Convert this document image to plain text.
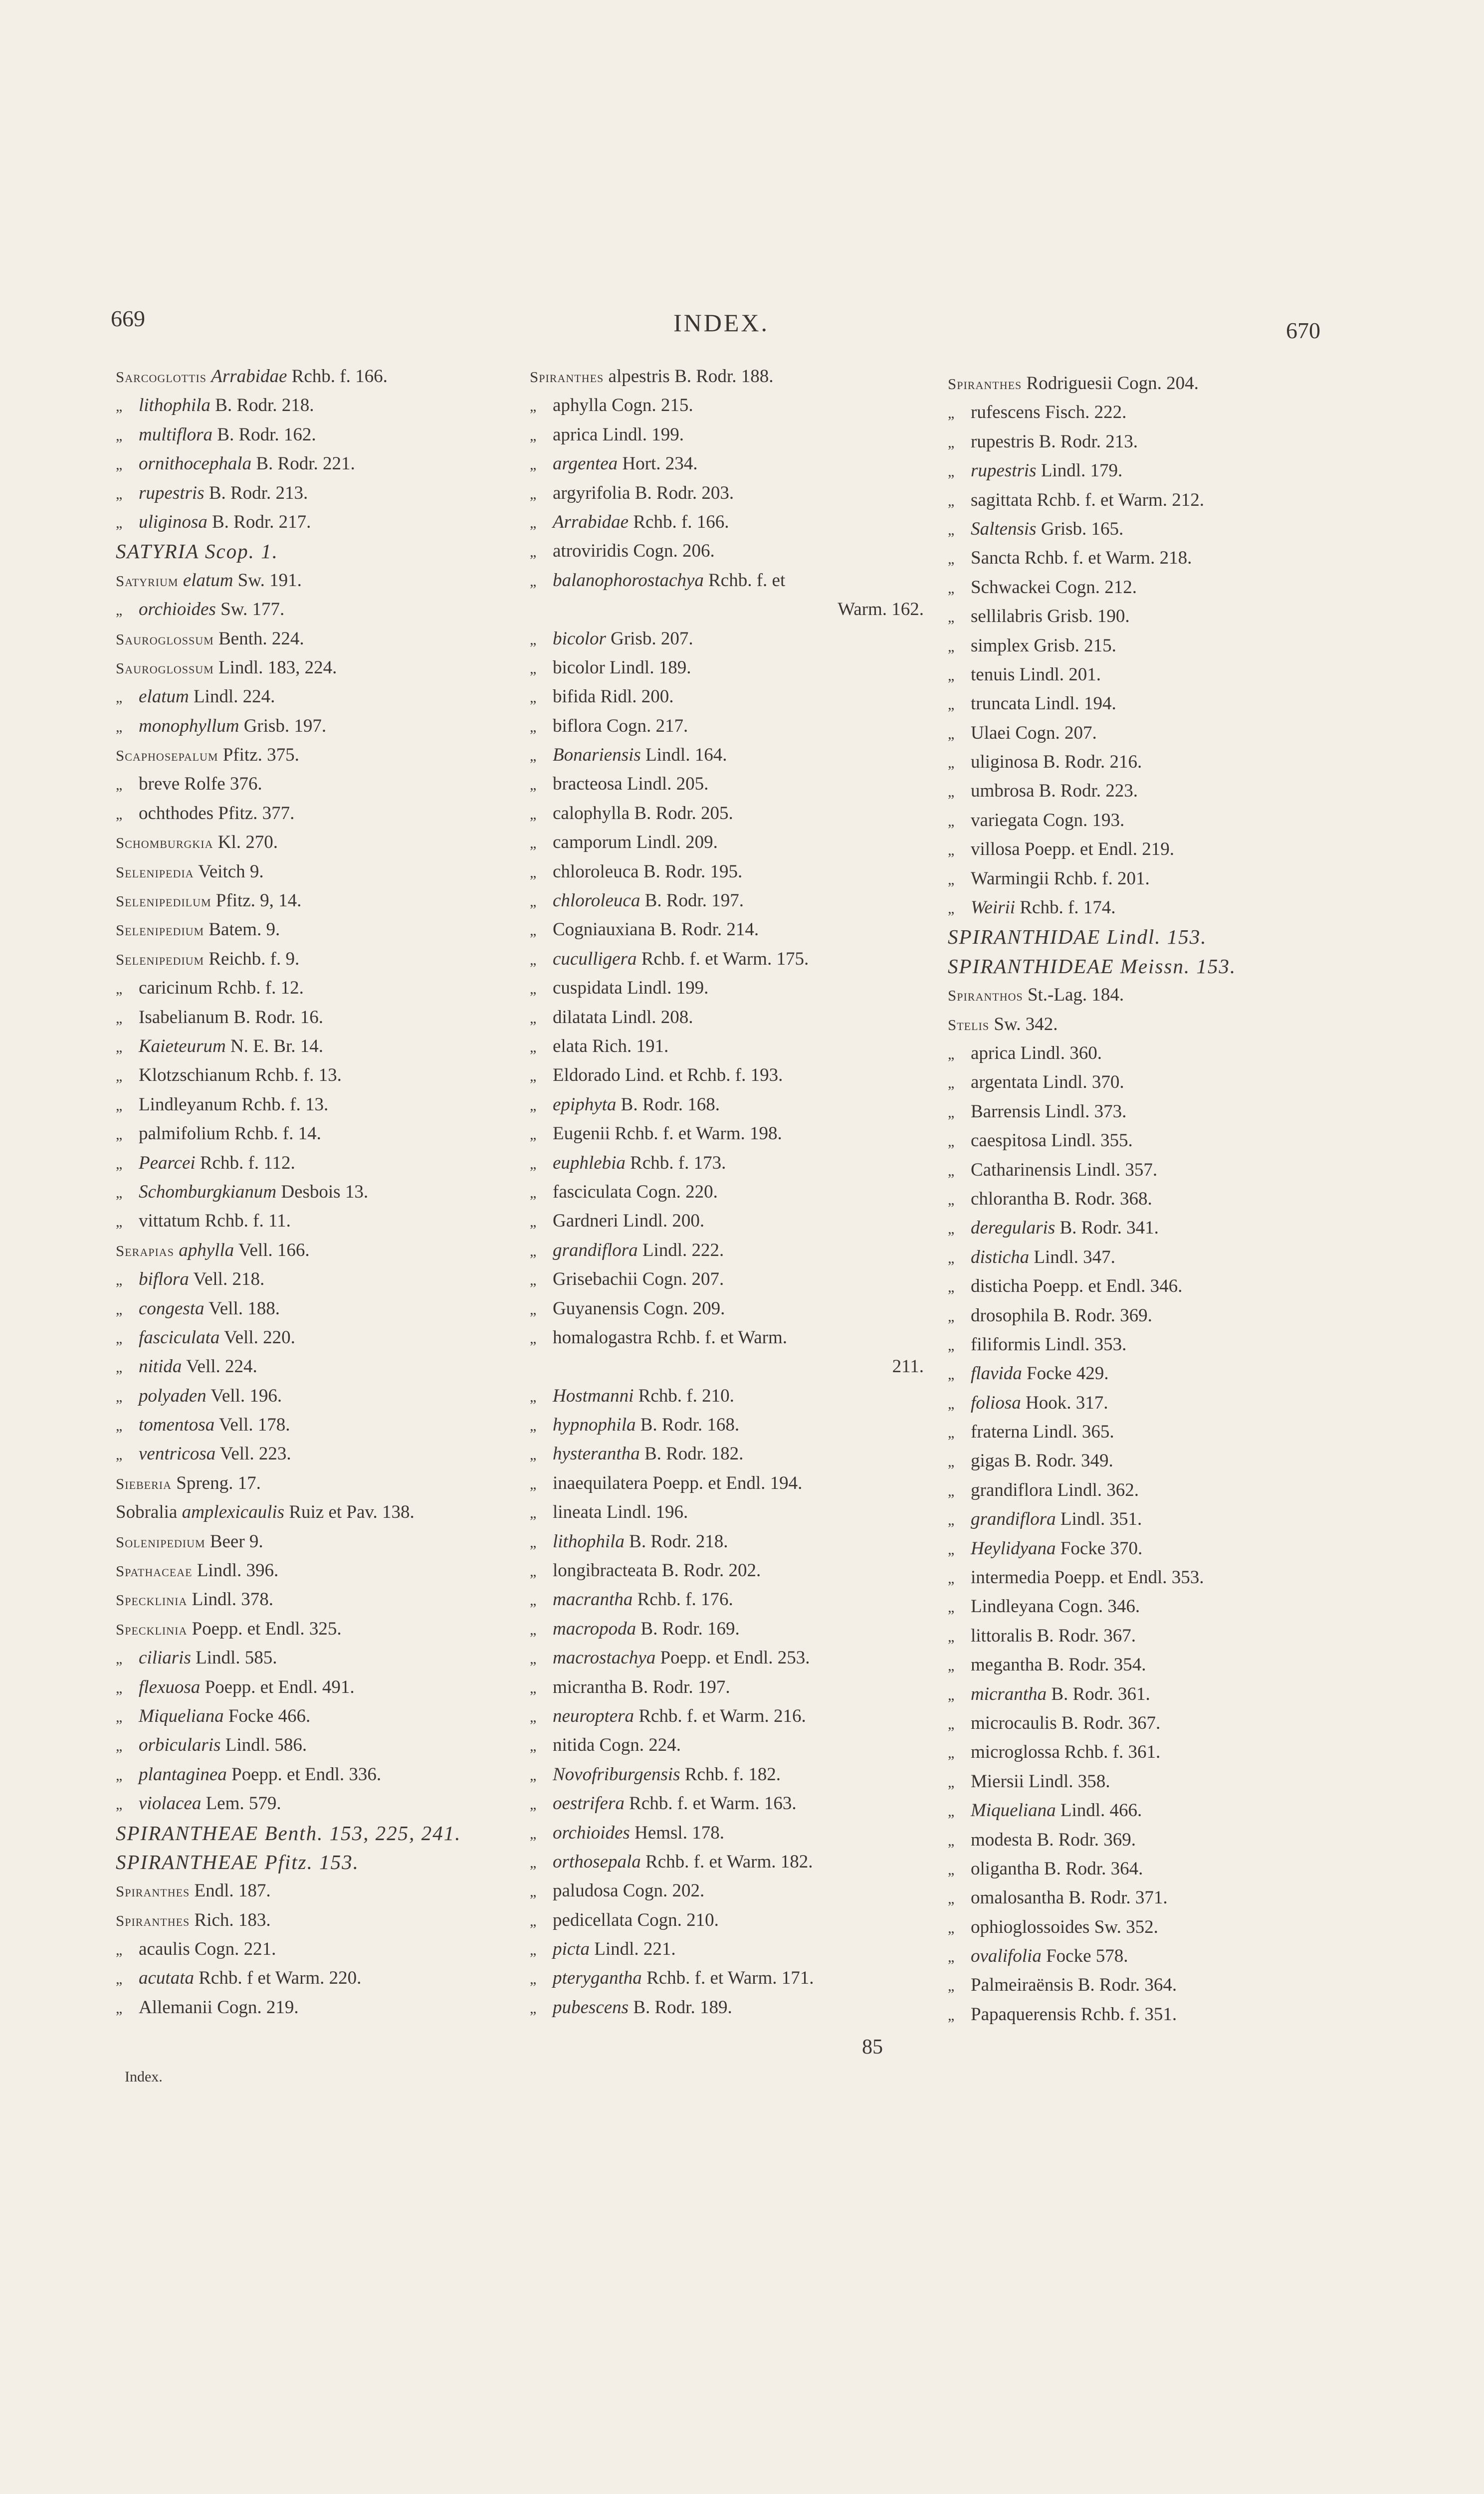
669	INDEX.	670
Sarcoglottis Arrabidae Rchb. f. 166.
„ lithophila B. Rodr. 218.
„ multiflora B. Rodr. 162.
„ ornithocephala B. Rodr. 221.
„ rupestris B. Rodr. 213.
„ uliginosa B. Rodr. 217.
SATYRIA Scop. 1.
Satyrium elatum Sw. 191.
„ orchioides Sw. 177.
Sauroglossum Benth. 224.
Sauroglossum Lindl. 183, 224.
„ elatum Lindl. 224.
„ monophyllum Grisb. 197.
Scaphosepalum Pfitz. 375.
„ breve Rolfe 376.
„ ochthodes Pfitz. 377.
Schomburgkia Kl. 270.
Selenipedia Veitch 9.
Selenipedilum Pfitz. 9, 14.
Selenipedium Batem. 9.
Selenipedium Reichb. f. 9.
„ caricinum Rchb. f. 12.
„ Isabelianum B. Rodr. 16.
„ Kaieteurum N. E. Br. 14.
„ Klotzschianum Rchb. f. 13.
„ Lindleyanum Rchb. f. 13.
„ palmifolium Rchb. f. 14.
„ Pearcei Rchb. f. 112.
„ Schomburgkianum Desbois 13.
„ vittatum Rchb. f. 11.
Serapias aphylla Vell. 166.
„ biflora Vell. 218.
„ congesta Vell. 188.
„ fasciculata Vell. 220.
„ nitida Vell. 224.
„ polyaden Vell. 196.
„ tomentosa Vell. 178.
„ ventricosa Vell. 223.
Sieberia Spreng. 17.
Sobralia amplexicaulis Ruiz et Pav. 138.
Solenipedium Beer 9.
Spathaceae Lindl. 396.
Specklinia Lindl. 378.
Specklinia Poepp. et Endl. 325.
„ ciliaris Lindl. 585.
„ flexuosa Poepp. et Endl. 491.
„ Miqueliana Focke 466.
„ orbicularis Lindl. 586.
„ plantaginea Poepp. et Endl. 336.
„ violacea Lem. 579.
SPIRANTHEAE Benth. 153, 225, 241.
SPIRANTHEAE Pfitz. 153.
Spiranthes Endl. 187.
Spiranthes Rich. 183.
„ acaulis Cogn. 221.
„ acutata Rchb. f et Warm. 220.
„ Allemanii Cogn. 219.
Spiranthes alpestris B. Rodr. 188.
„ aphylla Cogn. 215.
„ aprica Lindl. 199.
„ argentea Hort. 234.
„ argyrifolia B. Rodr. 203.
„ Arrabidae Rchb. f. 166.
„ atroviridis Cogn. 206.
„ balanophorostachya Rchb. f. et
Warm. 162.
„ bicolor Grisb. 207.
„ bicolor Lindl. 189.
„ bifida Ridl. 200.
„ biflora Cogn. 217.
„ Bonariensis Lindl. 164.
„ bracteosa Lindl. 205.
„ calophylla B. Rodr. 205.
„ camporum Lindl. 209.
„ chloroleuca B. Rodr. 195.
„ chloroleuca B. Rodr. 197.
„ Cogniauxiana B. Rodr. 214.
„ cuculligera Rchb. f. et Warm. 175.
„ cuspidata Lindl. 199.
„ dilatata Lindl. 208.
„ elata Rich. 191.
„ Eldorado Lind. et Rchb. f. 193.
„ epiphyta B. Rodr. 168.
„ Eugenii Rchb. f. et Warm. 198.
„ euphlebia Rchb. f. 173.
„ fasciculata Cogn. 220.
„ Gardneri Lindl. 200.
„ grandiflora Lindl. 222.
„ Grisebachii Cogn. 207.
„ Guyanensis Cogn. 209.
„ homalogastra Rchb. f. et Warm.
211.
„ Hostmanni Rchb. f. 210.
„ hypnophila B. Rodr. 168.
„ hysterantha B. Rodr. 182.
„ inaequilatera Poepp. et Endl. 194.
„ lineata Lindl. 196.
„ lithophila B. Rodr. 218.
„ longibracteata B. Rodr. 202.
„ macrantha Rchb. f. 176.
„ macropoda B. Rodr. 169.
„ macrostachya Poepp. et Endl. 253.
„ micrantha B. Rodr. 197.
„ neuroptera Rchb. f. et Warm. 216.
„ nitida Cogn. 224.
„ Novofriburgensis Rchb. f. 182.
„ oestrifera Rchb. f. et Warm. 163.
„ orchioides Hemsl. 178.
„ orthosepala Rchb. f. et Warm. 182.
„ paludosa Cogn. 202.
„ pedicellata Cogn. 210.
„ picta Lindl. 221.
„ pterygantha Rchb. f. et Warm. 171.
„ pubescens B. Rodr. 189.
Spiranthes Rodriguesii Cogn. 204.
„ rufescens Fisch. 222.
„ rupestris B. Rodr. 213.
„ rupestris Lindl. 179.
„ sagittata Rchb. f. et Warm. 212.
„ Saltensis Grisb. 165.
„ Sancta Rchb. f. et Warm. 218.
„ Schwackei Cogn. 212.
„ sellilabris Grisb. 190.
„ simplex Grisb. 215.
„ tenuis Lindl. 201.
„ truncata Lindl. 194.
„ Ulaei Cogn. 207.
„ uliginosa B. Rodr. 216.
„ umbrosa B. Rodr. 223.
„ variegata Cogn. 193.
„ villosa Poepp. et Endl. 219.
„ Warmingii Rchb. f. 201.
„ Weirii Rchb. f. 174.
SPIRANTHIDAE Lindl. 153.
SPIRANTHIDEAE Meissn. 153.
Spiranthos St.-Lag. 184.
Stelis Sw. 342.
„ aprica Lindl. 360.
„ argentata Lindl. 370.
„ Barrensis Lindl. 373.
„ caespitosa Lindl. 355.
„ Catharinensis Lindl. 357.
„ chlorantha B. Rodr. 368.
„ deregularis B. Rodr. 341.
„ disticha Lindl. 347.
„ disticha Poepp. et Endl. 346.
„ drosophila B. Rodr. 369.
„ filiformis Lindl. 353.
„ flavida Focke 429.
„ foliosa Hook. 317.
„ fraterna Lindl. 365.
„ gigas B. Rodr. 349.
„ grandiflora Lindl. 362.
„ grandiflora Lindl. 351.
„ Heylidyana Focke 370.
„ intermedia Poepp. et Endl. 353.
„ Lindleyana Cogn. 346.
„ littoralis B. Rodr. 367.
„ megantha B. Rodr. 354.
„ micrantha B. Rodr. 361.
„ microcaulis B. Rodr. 367.
„ microglossa Rchb. f. 361.
„ Miersii Lindl. 358.
„ Miqueliana Lindl. 466.
„ modesta B. Rodr. 369.
„ oligantha B. Rodr. 364.
„ omalosantha B. Rodr. 371.
„ ophioglossoides Sw. 352.
„ ovalifolia Focke 578.
„ Palmeiraënsis B. Rodr. 364.
„ Papaquerensis Rchb. f. 351.
Index.
85
